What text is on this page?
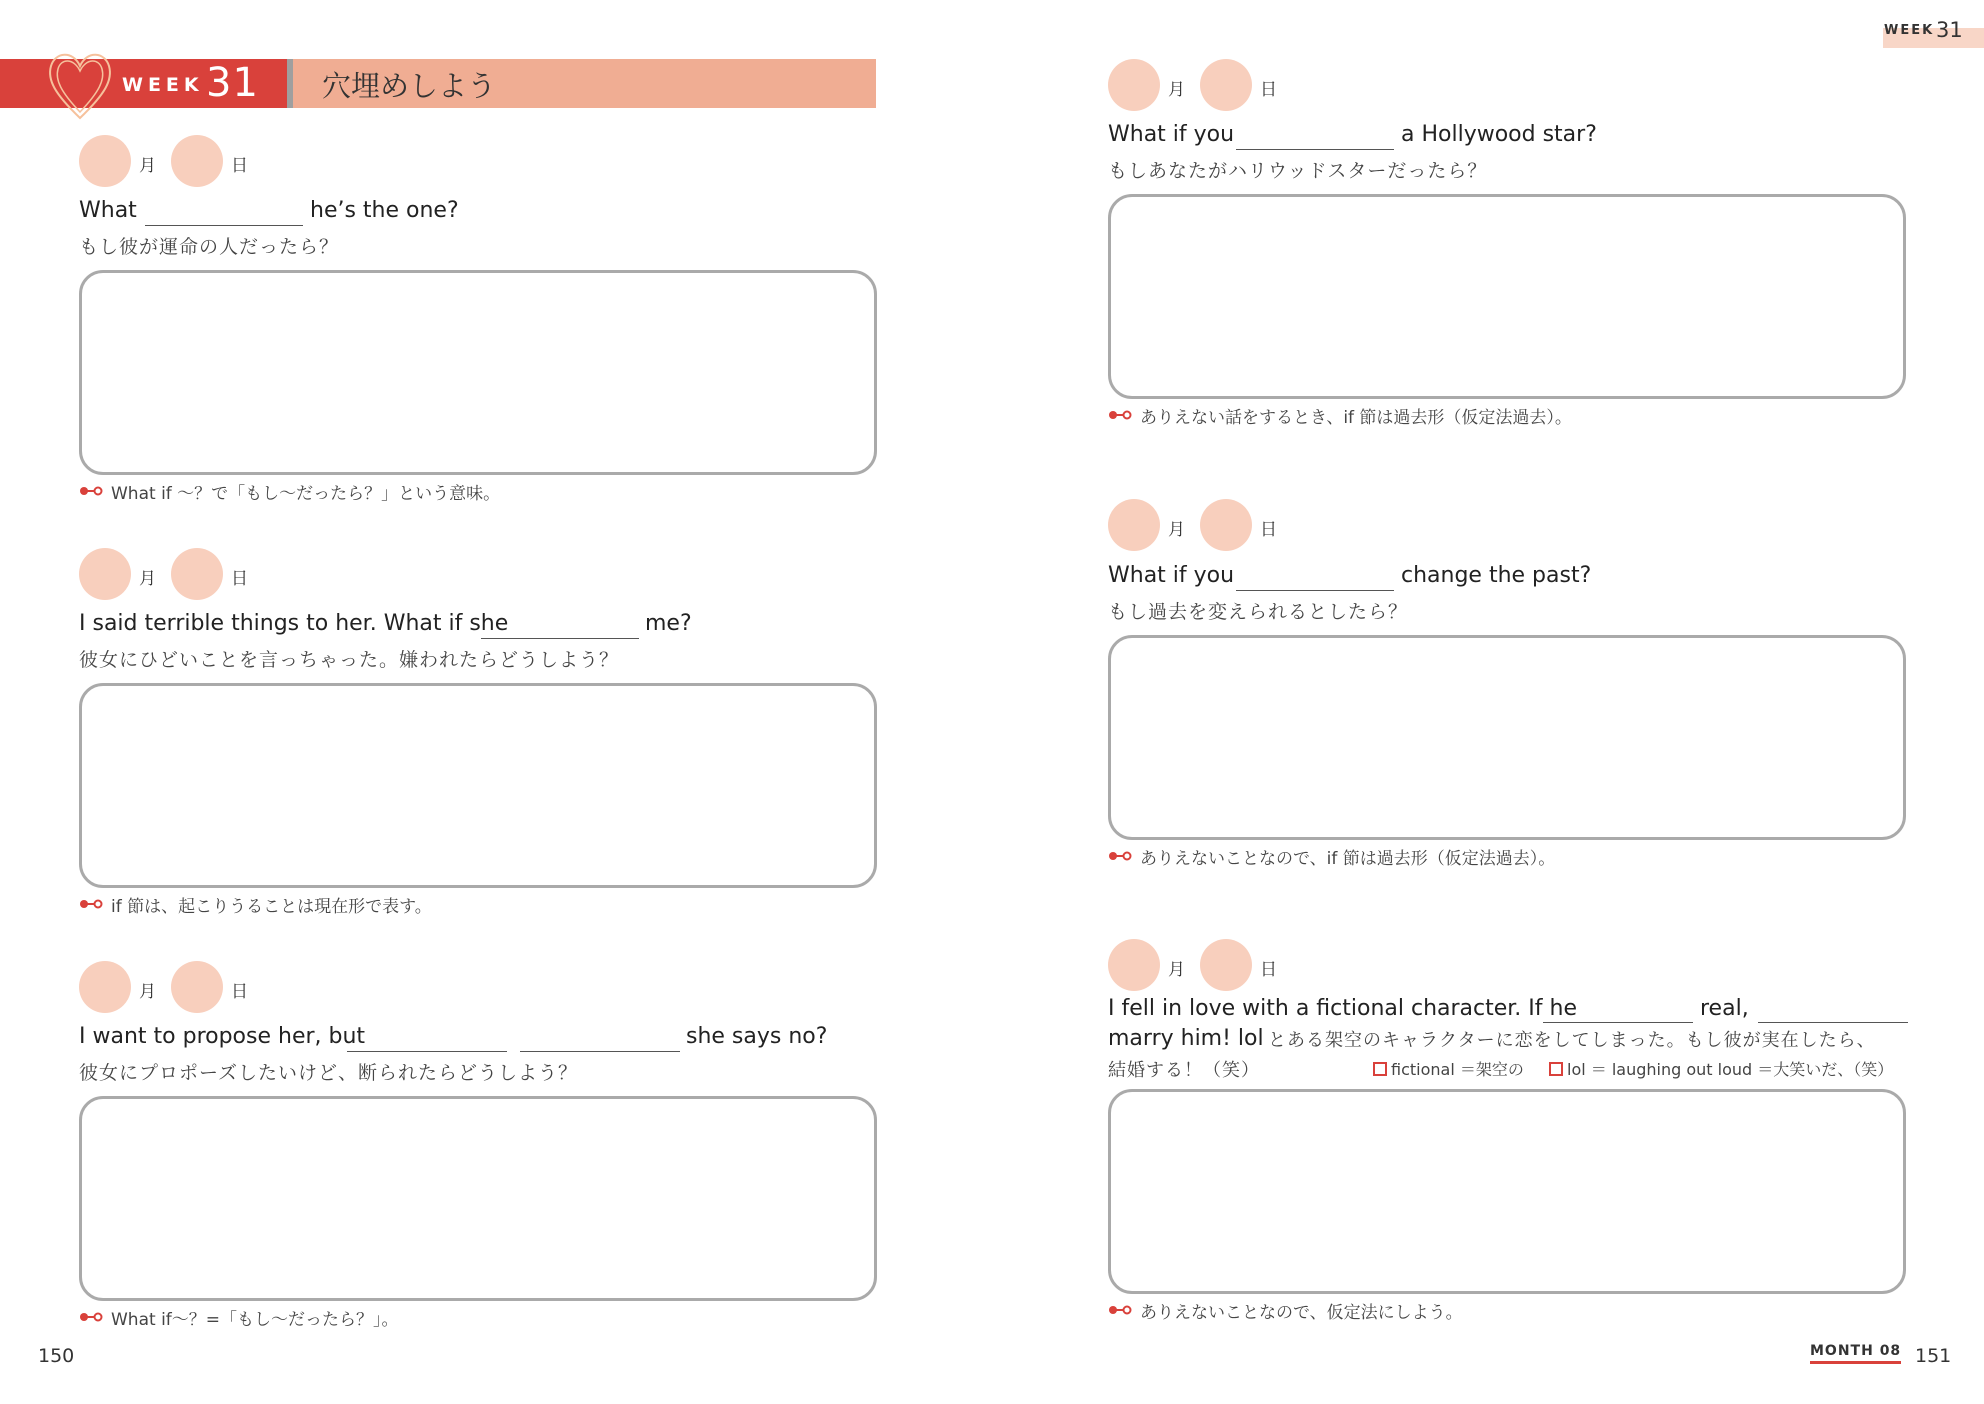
WEEK 31 穴埋めしよう
月	日
What	he’s the one?
もし彼が運命の人だったら？
What if ～？で「もし～だったら？」という意味。
月	日
I said terrible things to her. What if she	me?
彼女にひどいことを言っちゃった。嫌われたらどうしよう？
if 節は、起こりうることは現在形で表す。
月	日
I want to propose her, but	she says no?
彼女にプロポーズしたいけど、断られたらどうしよう？
What if～？=「もし～だったら？」。
150
WEEK 31
月	日
What if you	a Hollywood star?
もしあなたがハリウッドスターだったら？
ありえない話をするとき、if 節は過去形（仮定法過去）。
月	日
What if you	change the past?
もし過去を変えられるとしたら？
ありえないことなので、if 節は過去形（仮定法過去）。
月	日
I fell in love with a fictional character. If he	real,
marry him! lol とある架空のキャラクターに恋をしてしまった。もし彼が実在したら、
結婚する！（笑）	fictional ＝架空の	lol ＝ laughing out loud ＝大笑いだ、（笑）
ありえないことなので、仮定法にしよう。
MONTH 08 151
